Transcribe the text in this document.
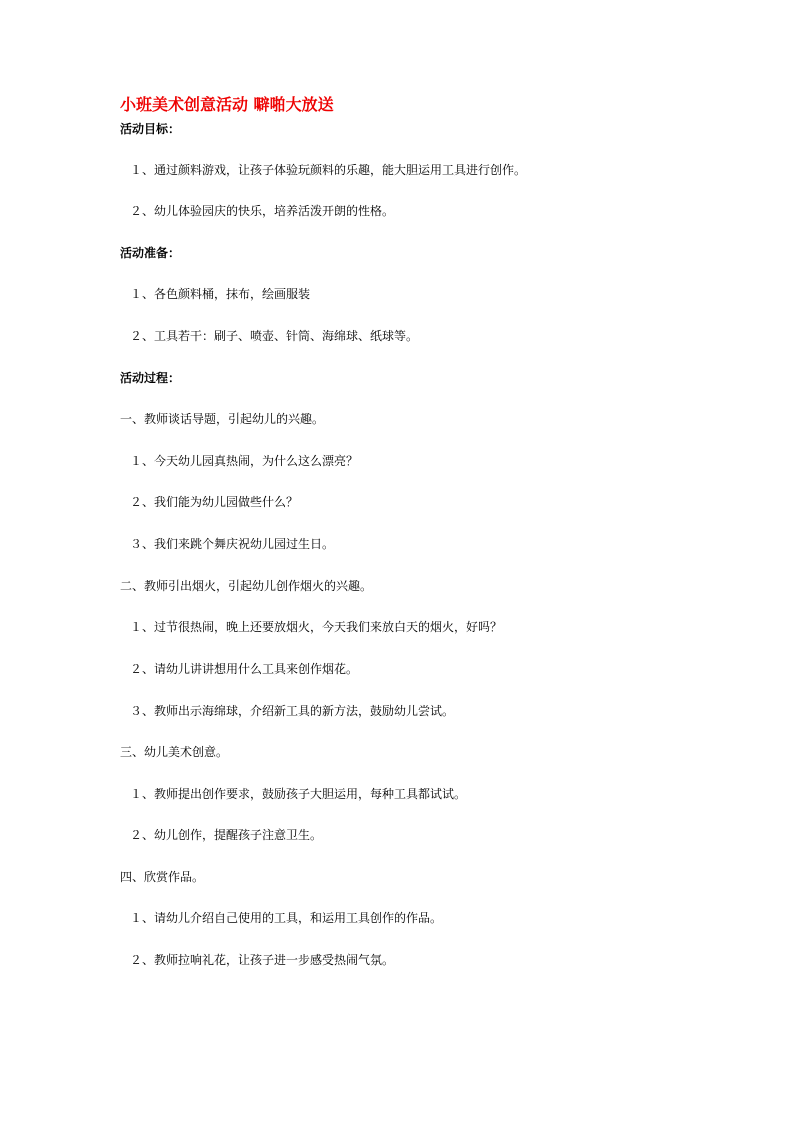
小班美术创意活动 噼啪大放送
活动目标：
１、通过颜料游戏，让孩子体验玩颜料的乐趣，能大胆运用工具进行创作。
２、幼儿体验园庆的快乐，培养活泼开朗的性格。
活动准备：
１、各色颜料桶，抹布，绘画服装
２、工具若干：刷子、喷壶、针筒、海绵球、纸球等。
活动过程：
一、教师谈话导题，引起幼儿的兴趣。
１、今天幼儿园真热闹，为什么这么漂亮？
２、我们能为幼儿园做些什么？
３、我们来跳个舞庆祝幼儿园过生日。
二、教师引出烟火，引起幼儿创作烟火的兴趣。
１、过节很热闹，晚上还要放烟火，今天我们来放白天的烟火，好吗？
２、请幼儿讲讲想用什么工具来创作烟花。
３、教师出示海绵球，介绍新工具的新方法，鼓励幼儿尝试。
三、幼儿美术创意。
１、教师提出创作要求，鼓励孩子大胆运用，每种工具都试试。
２、幼儿创作，提醒孩子注意卫生。
四、欣赏作品。
１、请幼儿介绍自己使用的工具，和运用工具创作的作品。
２、教师拉响礼花，让孩子进一步感受热闹气氛。
